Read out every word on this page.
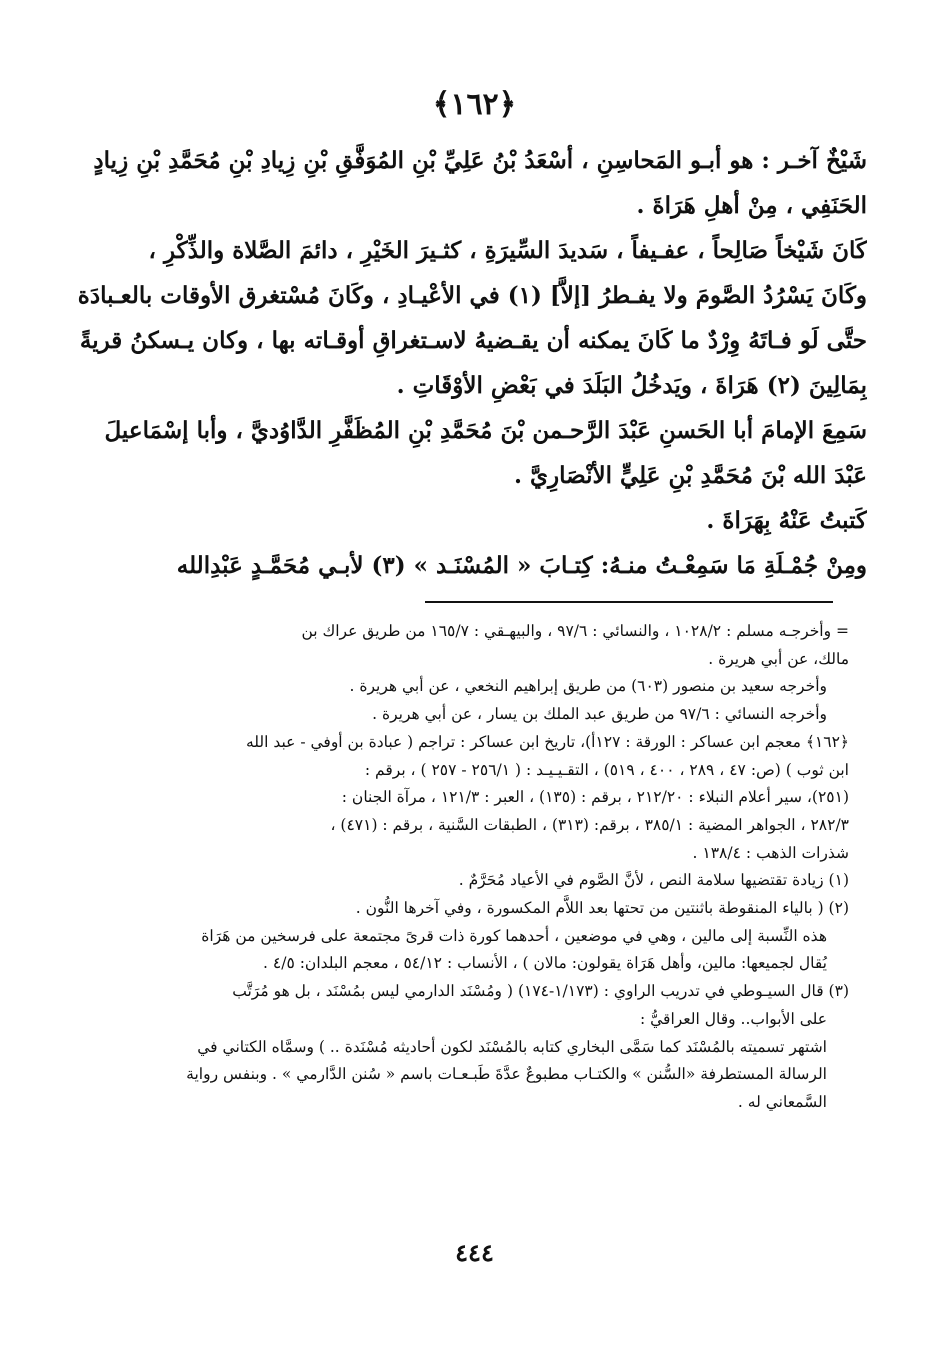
﴿١٦٢﴾

شَيْخٌ آخـر : هو أبـو المَحاسِنِ ، أسْعَدُ بْنُ عَلِيِّ بْنِ المُوَفَّقِ بْنِ زِيادِ بْنِ مُحَمَّدِ بْنِ زِيادٍ

الحَنَفِي ، مِنْ أهلِ هَرَاةَ .

كَانَ شَيْخاً صَالِحاً ، عفـيفاً ، سَديدَ السِّيرَةِ ، كثـيرَ الخَيْرِ ، دائمَ الصَّلاة والذِّكْرِ ،

وكَانَ يَسْرُدُ الصَّومَ ولا يفـطرُ [إلاَّ] (١) في الأعْيـادِ ، وكَانَ مُسْتغرق الأوقات بالعـبادَة

حتَّى لَو فـاتَهُ وِرْدٌ ما كَانَ يمكنه أن يقـضيهُ لاسـتغراقِ أوقـاته بها ، وكان يـسكنُ قريةً

بِمَالِينَ (٢) هَرَاةَ ، ويَدخُلُ البَلَدَ في بَعْضِ الأوْقَاتِ .

سَمِعَ الإمامَ أبا الحَسنِ عَبْدَ الرَّحـمن بْنَ مُحَمَّدِ بْنِ المُظَفَّرِ الدَّاوُديَّ ، وأبا إسْمَاعيلَ

عَبْدَ الله بْنَ مُحَمَّدِ بْنِ عَلِيٍّ الأنْصَارِيَّ .

كَتبتُ عَنْهُ بِهَرَاةَ .

ومِنْ جُمْـلَةِ مَا سَمِعْـتُ منـهُ: كِتـابَ « المُسْنَـد » (٣) لأبـي مُحَمَّـدٍ عَبْدِالله

= وأخرجـه مسلم : ١٠٢٨/٢ ، والنسائي : ٩٧/٦ ، والبيهـقي : ١٦٥/٧ من طريق عراك بن

مالك، عن أبي هريرة .

وأخرجه سعيد بن منصور (٦٠٣) من طريق إبراهيم النخعي ، عن أبي هريرة .

وأخرجه النسائي : ٩٧/٦ من طريق عبد الملك بن يسار ، عن أبي هريرة .

﴿١٦٢﴾ معجم ابن عساكر : الورقة : ١٢٧أ)، تاريخ ابن عساكر : تراجم ( عبادة بن أوفي - عبد الله

ابن ثوب ) (ص: ٤٧ ، ٢٨٩ ، ٤٠٠ ، ٥١٩) ، التقـيـيـد : ( ٢٥٦/١ - ٢٥٧ ) ، برقم :

(٢٥١)، سير أعلام النبلاء : ٢١٢/٢٠ ، برقم : (١٣٥) ، العبر : ١٢١/٣ ، مرآة الجنان :

٢٨٢/٣ ، الجواهر المضية : ٣٨٥/١ ، برقم: (٣١٣) ، الطبقات السَّنية ، برقم : (٤٧١) ،

شذرات الذهب : ١٣٨/٤ .

(١) زيادة تقتضيها سلامة النص ، لأنَّ الصَّوم في الأعياد مُحَرَّمٌ .

(٢) ( بالياء المنقوطة باثنتين من تحتها بعد اللاَّم المكسورة ، وفي آخرها النُّون .

هذه النِّسبة إلى مالين ، وهي في موضعين ، أحدهما كورة ذات قرىً مجتمعة على فرسخين من هَرَاة

يُقال لجميعها: مالين، وأهل هَرَاة يقولون: مالان ) ، الأنساب : ٥٤/١٢ ، معجم البلدان: ٤/٥ .

(٣) قال السيـوطي في تدريب الراوي : (١/١٧٣-١٧٤) ( ومُسْنَد الدارمي ليس بمُسْنَد ، بل هو مُرَتَّب

على الأبواب.. وقال العراقيُّ :

اشتهر تسميته بالمُسْنَد كما سَمَّى البخاري كتابه بالمُسْنَد لكون أحاديثه مُسْنَدة .. ) وسمَّاه الكتاني في

الرسالة المستطرفة «السُّنن » والكتـاب مطبوعٌ عدَّةَ طَبـعـات باسم « سُنن الدَّارمي » . وبنفس رواية

السَّمعاني له .

٤٤٤
